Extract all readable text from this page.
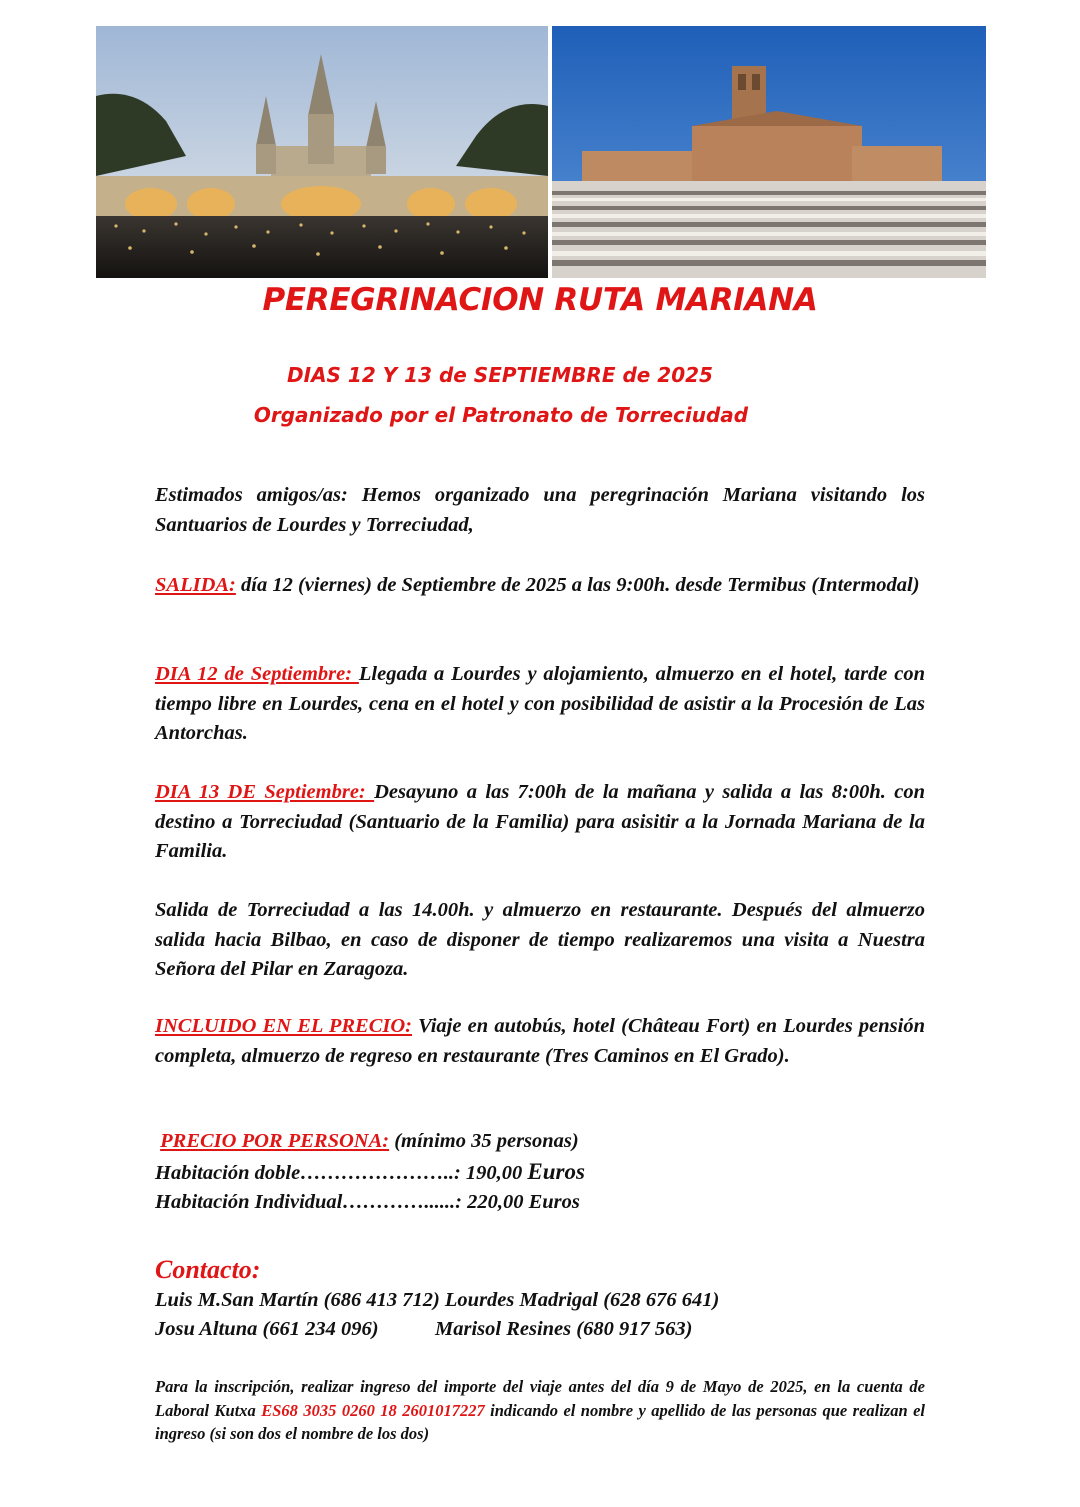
PEREGRINACION RUTA MARIANA

DIAS 12 Y 13 de SEPTIEMBRE de 2025

Organizado por el Patronato de Torreciudad

Estimados amigos/as: Hemos organizado una peregrinación Mariana visitando los Santuarios de Lourdes y Torreciudad,

SALIDA: día 12 (viernes) de Septiembre de 2025 a las 9:00h. desde Termibus (Intermodal)

DIA 12 de Septiembre: Llegada a Lourdes y alojamiento, almuerzo en el hotel, tarde con tiempo libre en Lourdes, cena en el hotel y con posibilidad de asistir a la Procesión de Las Antorchas.

DIA 13 DE Septiembre: Desayuno a las 7:00h de la mañana y salida a las 8:00h. con destino a Torreciudad (Santuario de la Familia) para asisitir a la Jornada Mariana de la Familia.

Salida de Torreciudad a las 14.00h. y almuerzo en restaurante. Después del almuerzo salida hacia Bilbao, en caso de disponer de tiempo realizaremos una visita a Nuestra Señora del Pilar en Zaragoza.

INCLUIDO EN EL PRECIO: Viaje en autobús, hotel (Château Fort) en Lourdes pensión completa, almuerzo de regreso en restaurante (Tres Caminos en El Grado).

PRECIO POR PERSONA: (mínimo 35 personas)
Habitación doble…………………..: 190,00 Euros
Habitación Individual…………......: 220,00 Euros

Contacto:

Luis M.San Martín (686 413 712) Lourdes Madrigal (628 676 641)

Josu Altuna (661 234 096)           Marisol Resines (680 917 563)

Para la inscripción, realizar ingreso del importe del viaje antes del día 9 de Mayo de 2025, en la cuenta de Laboral Kutxa ES68 3035 0260 18 2601017227 indicando el nombre y apellido de las personas que realizan el ingreso (si son dos el nombre de los dos)
